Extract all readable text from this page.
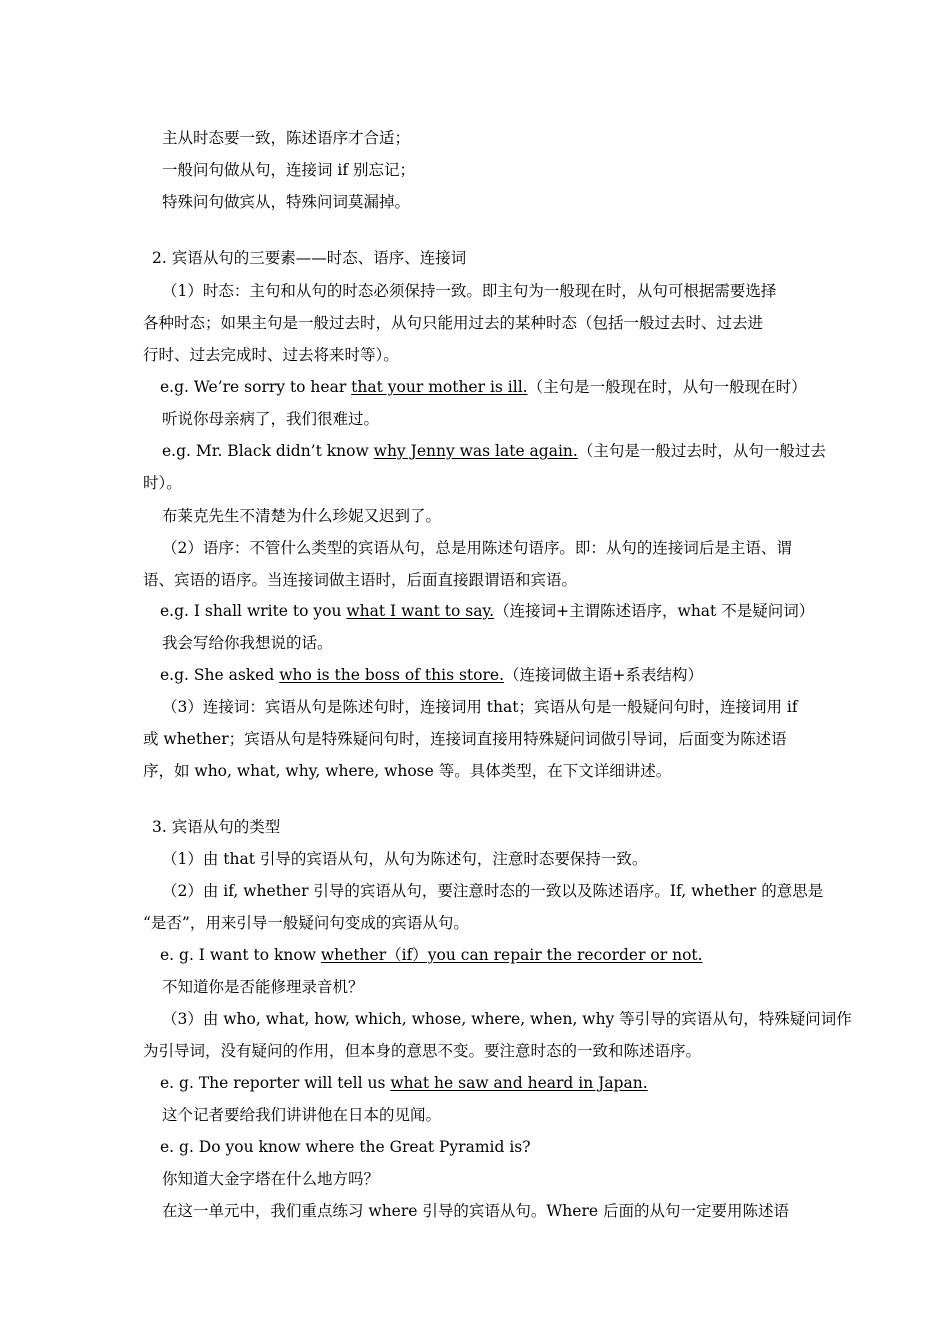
主从时态要一致，陈述语序才合适；
一般问句做从句，连接词 if 别忘记；
特殊问句做宾从，特殊问词莫漏掉。
2. 宾语从句的三要素——时态、语序、连接词
（1）时态：主句和从句的时态必须保持一致。即主句为一般现在时，从句可根据需要选择
各种时态；如果主句是一般过去时，从句只能用过去的某种时态（包括一般过去时、过去进
行时、过去完成时、过去将来时等）。
e.g. We’re sorry to hear that your mother is ill.（主句是一般现在时，从句一般现在时）
听说你母亲病了，我们很难过。
e.g. Mr. Black didn’t know why Jenny was late again.（主句是一般过去时，从句一般过去
时）。
布莱克先生不清楚为什么珍妮又迟到了。
（2）语序：不管什么类型的宾语从句，总是用陈述句语序。即：从句的连接词后是主语、谓
语、宾语的语序。当连接词做主语时，后面直接跟谓语和宾语。
e.g. I shall write to you what I want to say.（连接词+主谓陈述语序，what 不是疑问词）
我会写给你我想说的话。
e.g. She asked who is the boss of this store.（连接词做主语+系表结构）
（3）连接词：宾语从句是陈述句时，连接词用 that；宾语从句是一般疑问句时，连接词用 if
或 whether；宾语从句是特殊疑问句时，连接词直接用特殊疑问词做引导词，后面变为陈述语
序，如 who, what, why, where, whose 等。具体类型，在下文详细讲述。
3. 宾语从句的类型
（1）由 that 引导的宾语从句，从句为陈述句，注意时态要保持一致。
（2）由 if, whether 引导的宾语从句，要注意时态的一致以及陈述语序。If, whether 的意思是
“是否”，用来引导一般疑问句变成的宾语从句。
e. g. I want to know whether（if）you can repair the recorder or not.
不知道你是否能修理录音机？
（3）由 who, what, how, which, whose, where, when, why 等引导的宾语从句，特殊疑问词作
为引导词，没有疑问的作用，但本身的意思不变。要注意时态的一致和陈述语序。
e. g. The reporter will tell us what he saw and heard in Japan.
这个记者要给我们讲讲他在日本的见闻。
e. g. Do you know where the Great Pyramid is?
你知道大金字塔在什么地方吗？
在这一单元中，我们重点练习 where 引导的宾语从句。Where 后面的从句一定要用陈述语
